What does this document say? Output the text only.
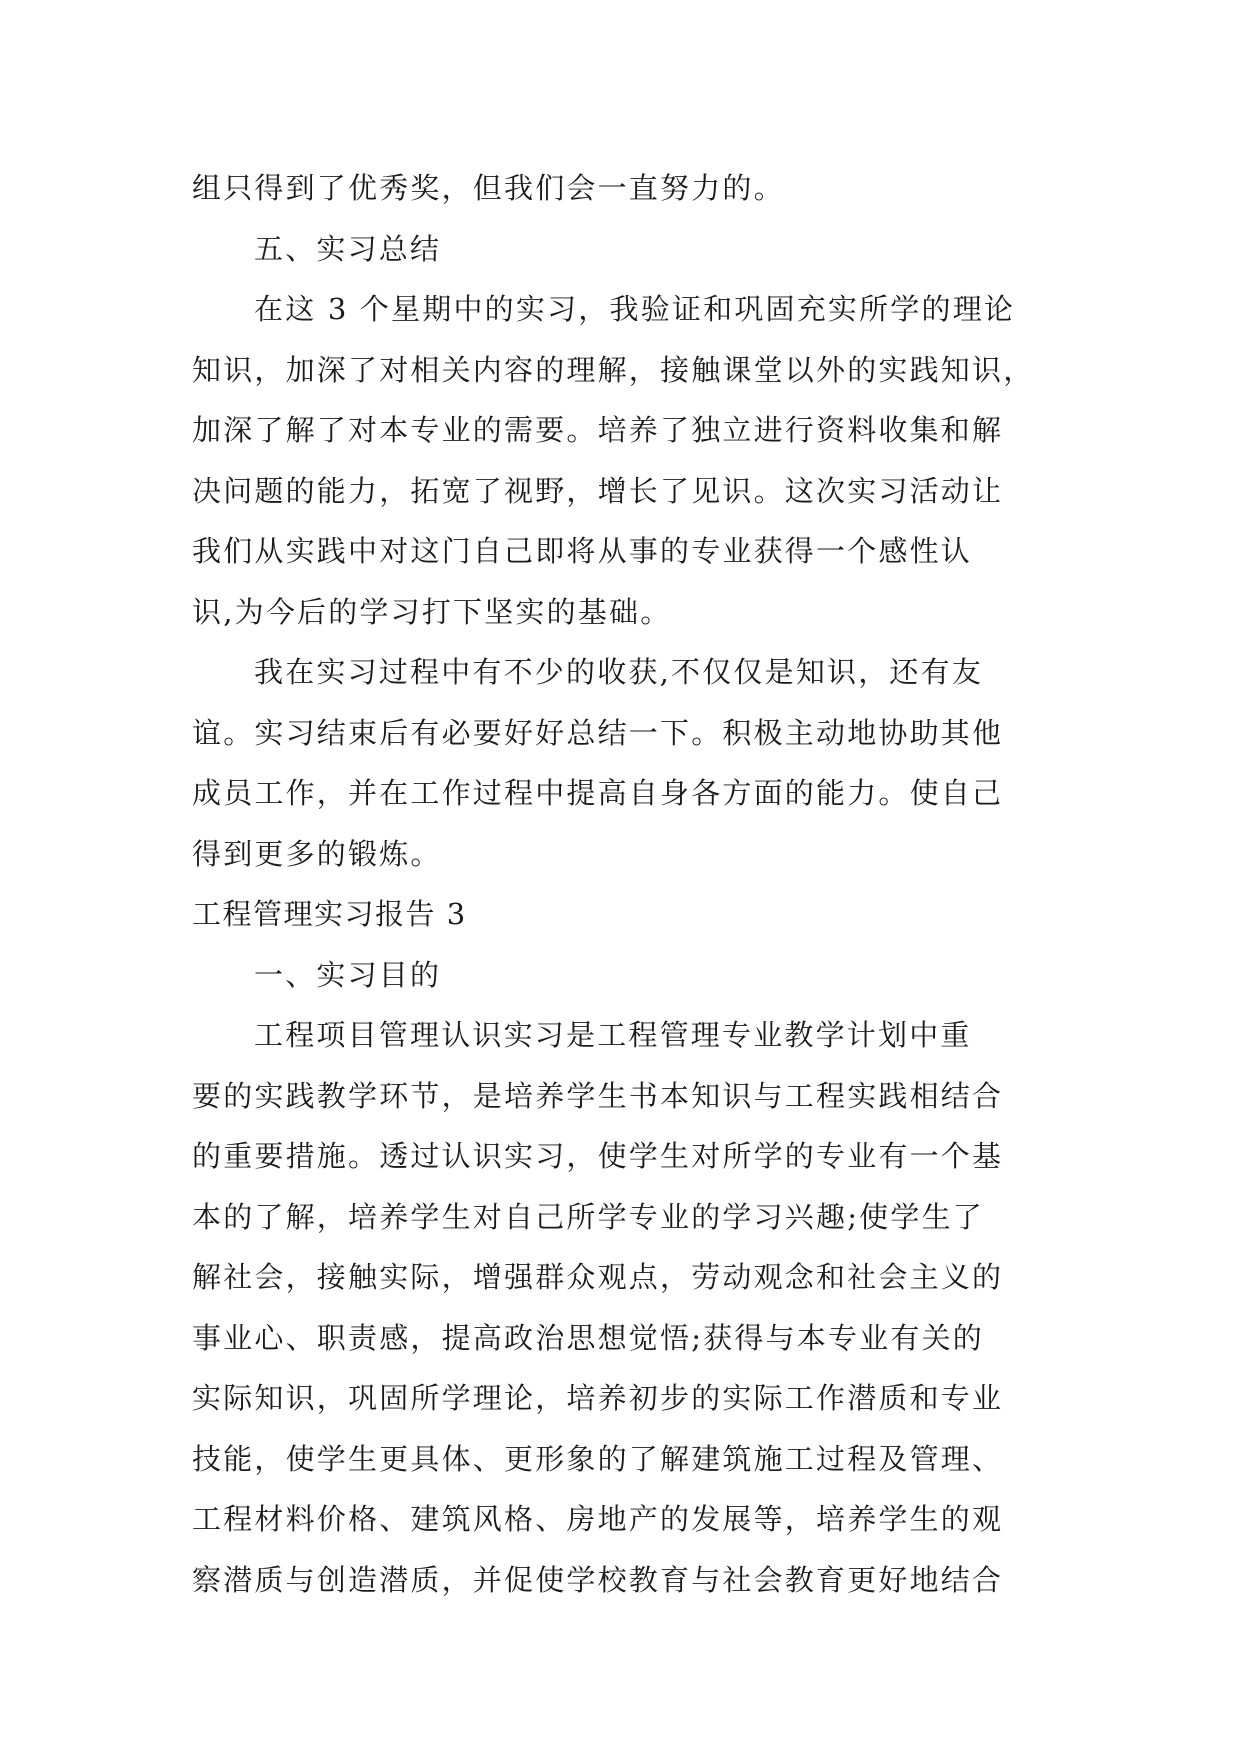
组只得到了优秀奖，但我们会一直努力的。
五、实习总结
在这 3 个星期中的实习，我验证和巩固充实所学的理论
知识，加深了对相关内容的理解，接触课堂以外的实践知识，
加深了解了对本专业的需要。培养了独立进行资料收集和解
决问题的能力，拓宽了视野，增长了见识。这次实习活动让
我们从实践中对这门自己即将从事的专业获得一个感性认
识,为今后的学习打下坚实的基础。
我在实习过程中有不少的收获,不仅仅是知识，还有友
谊。实习结束后有必要好好总结一下。积极主动地协助其他
成员工作，并在工作过程中提高自身各方面的能力。使自己
得到更多的锻炼。
工程管理实习报告 3
一、实习目的
工程项目管理认识实习是工程管理专业教学计划中重
要的实践教学环节，是培养学生书本知识与工程实践相结合
的重要措施。透过认识实习，使学生对所学的专业有一个基
本的了解，培养学生对自己所学专业的学习兴趣;使学生了
解社会，接触实际，增强群众观点，劳动观念和社会主义的
事业心、职责感，提高政治思想觉悟;获得与本专业有关的
实际知识，巩固所学理论，培养初步的实际工作潜质和专业
技能，使学生更具体、更形象的了解建筑施工过程及管理、
工程材料价格、建筑风格、房地产的发展等，培养学生的观
察潜质与创造潜质，并促使学校教育与社会教育更好地结合
